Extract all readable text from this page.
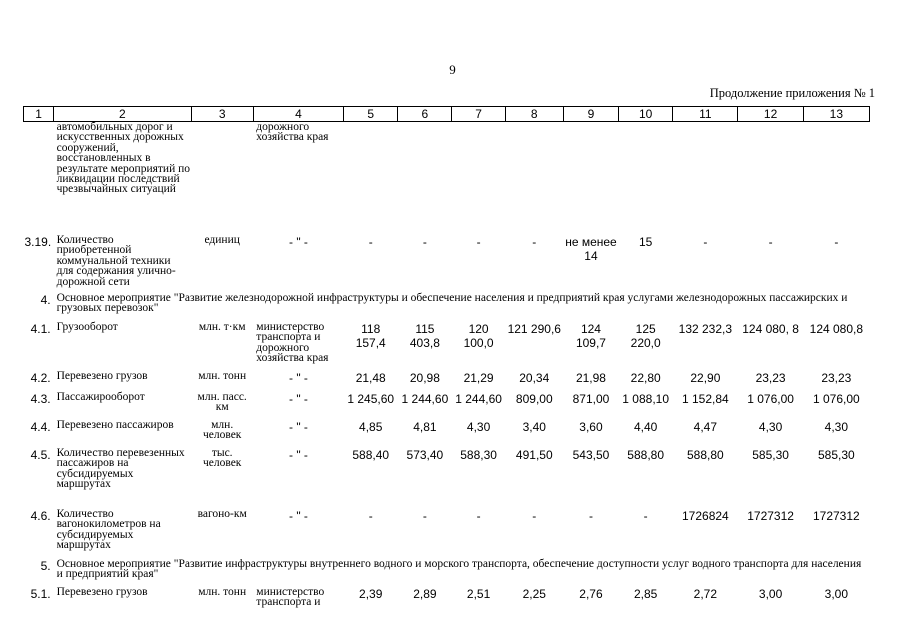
9
Продолжение приложения № 1
1	2	3	4	5	6	7	8	9	10	11	12	13
	автомобильных дорог и искусственных дорожных сооружений, восстановленных в результате мероприятий по ликвидации последствий чрезвычайных ситуаций		дорожного хозяйства края									
3.19.	Количество приобретенной коммунальной техники для содержания улично-дорожной сети	единиц	- " -	-	-	-	-	не менее 14	15	-	-	-
4.	Основное мероприятие "Развитие железнодорожной инфраструктуры и обеспечение населения и предприятий края услугами железнодорожных пассажирских и грузовых перевозок"											
4.1.	Грузооборот	млн. т·км	министерство транспорта и дорожного хозяйства края	118 157,4	115 403,8	120 100,0	121 290,6	124 109,7	125 220,0	132 232,3	124 080, 8	124 080,8
4.2.	Перевезено грузов	млн. тонн	- " -	21,48	20,98	21,29	20,34	21,98	22,80	22,90	23,23	23,23
4.3.	Пассажирооборот	млн. пасс. км	- " -	1 245,60	1 244,60	1 244,60	809,00	871,00	1 088,10	1 152,84	1 076,00	1 076,00
4.4.	Перевезено пассажиров	млн. человек	- " -	4,85	4,81	4,30	3,40	3,60	4,40	4,47	4,30	4,30
4.5.	Количество перевезенных пассажиров на субсидируемых маршрутах	тыс. человек	- " -	588,40	573,40	588,30	491,50	543,50	588,80	588,80	585,30	585,30
4.6.	Количество вагонокилометров на субсидируемых маршрутах	вагоно-км	- " -	-	-	-	-	-	-	1726824	1727312	1727312
5.	Основное мероприятие "Развитие инфраструктуры внутреннего водного и морского транспорта, обеспечение доступности услуг водного транспорта для населения и предприятий края"											
5.1.	Перевезено грузов	млн. тонн	министерство транспорта и	2,39	2,89	2,51	2,25	2,76	2,85	2,72	3,00	3,00
